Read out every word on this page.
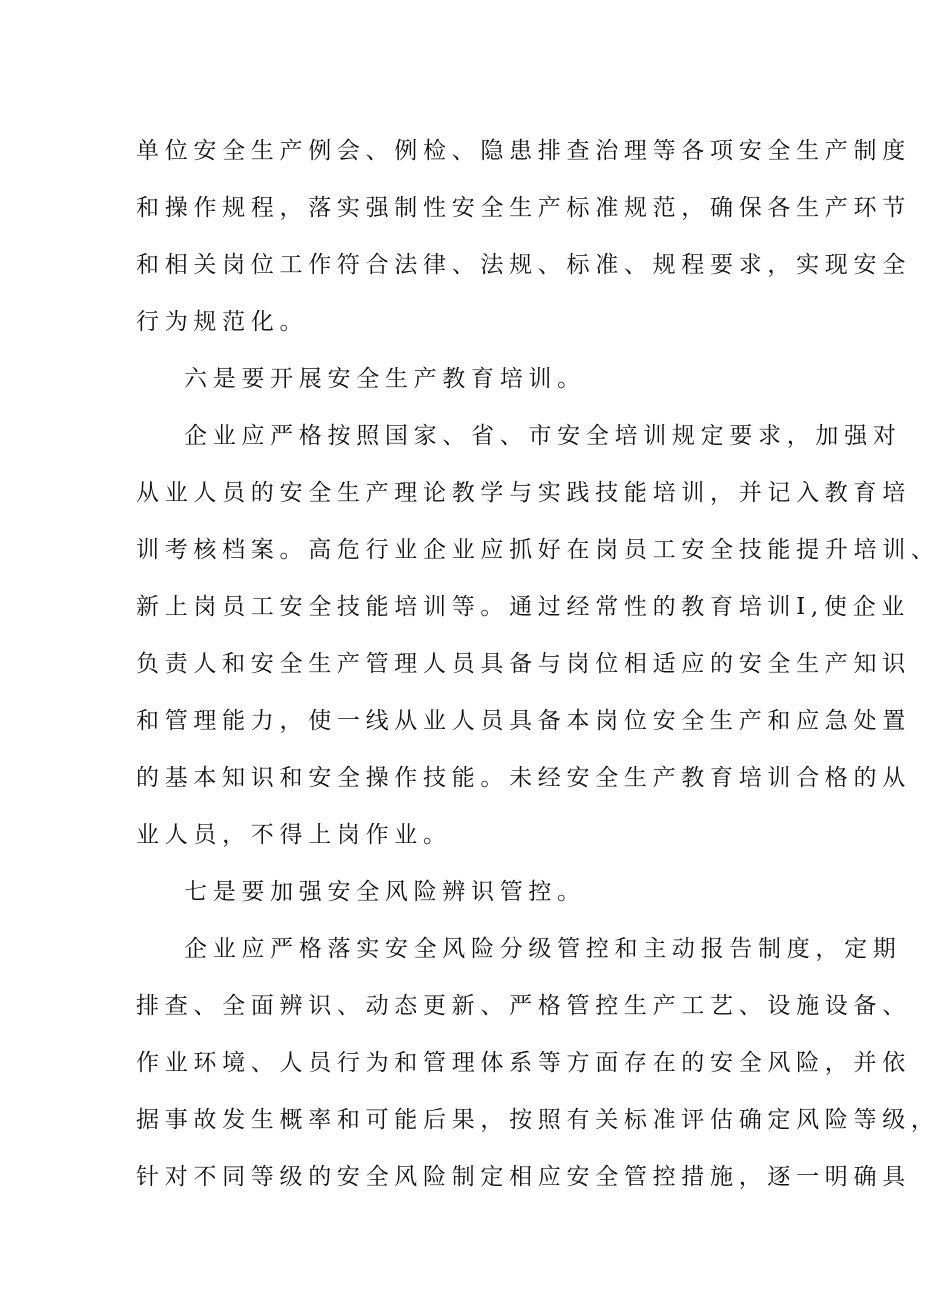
单位安全生产例会、例检、隐患排查治理等各项安全生产制度
和操作规程，落实强制性安全生产标准规范，确保各生产环节
和相关岗位工作符合法律、法规、标准、规程要求，实现安全
行为规范化。
六是要开展安全生产教育培训。
企业应严格按照国家、省、市安全培训规定要求，加强对
从业人员的安全生产理论教学与实践技能培训，并记入教育培
训考核档案。高危行业企业应抓好在岗员工安全技能提升培训、
新上岗员工安全技能培训等。通过经常性的教育培训I,使企业
负责人和安全生产管理人员具备与岗位相适应的安全生产知识
和管理能力，使一线从业人员具备本岗位安全生产和应急处置
的基本知识和安全操作技能。未经安全生产教育培训合格的从
业人员，不得上岗作业。
七是要加强安全风险辨识管控。
企业应严格落实安全风险分级管控和主动报告制度，定期
排查、全面辨识、动态更新、严格管控生产工艺、设施设备、
作业环境、人员行为和管理体系等方面存在的安全风险，并依
据事故发生概率和可能后果，按照有关标准评估确定风险等级，
针对不同等级的安全风险制定相应安全管控措施，逐一明确具
